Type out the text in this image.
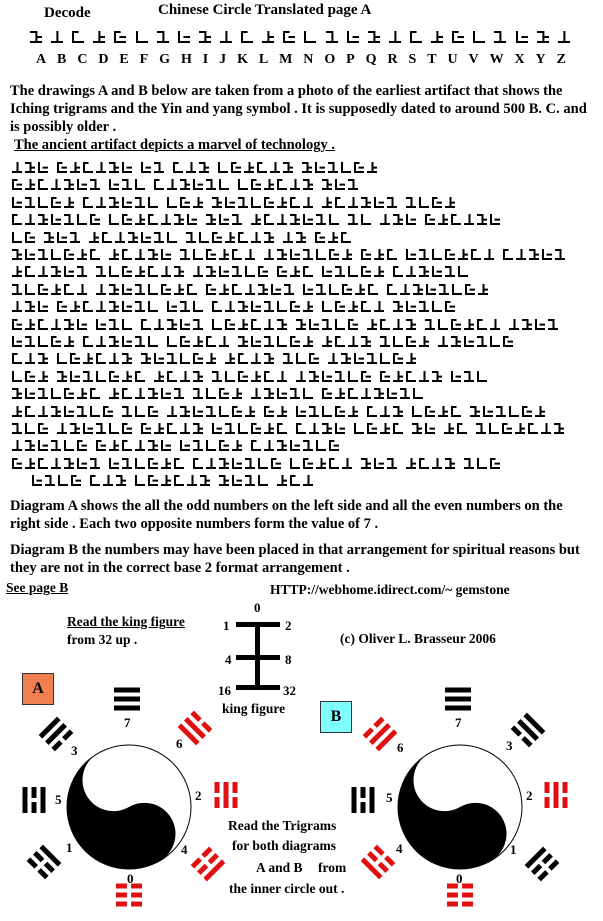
Decode	Chinese Circle Translated page A
A B C D E F G H I J K L M N O P Q R S T U V W X Y Z
The drawings A and B below are taken from a photo of the earliest artifact that shows the Iching trigrams and the Yin and yang symbol . It is supposedly dated to around 500 B. C. and is possibly older .
The ancient artifact depicts a marvel of technology .
Diagram A shows the all the odd numbers on the left side and all the even numbers on the right side . Each two opposite numbers form the value of 7 .
Diagram B the numbers may have been placed in that arrangement for spiritual reasons but they are not in the correct base 2 format arrangement .
See page B	HTTP://webhome.idirect.com/~ gemstone
Read the king figure
from 32 up .	(c) Oliver L. Brasseur 2006
0
1	2
4	8
16	32
king figure
A
B
7
6
3
5	2
1	4
0
7
6	3
5	2
4	1
0
Read the Trigrams
for both diagrams
A and B from
the inner circle out .
